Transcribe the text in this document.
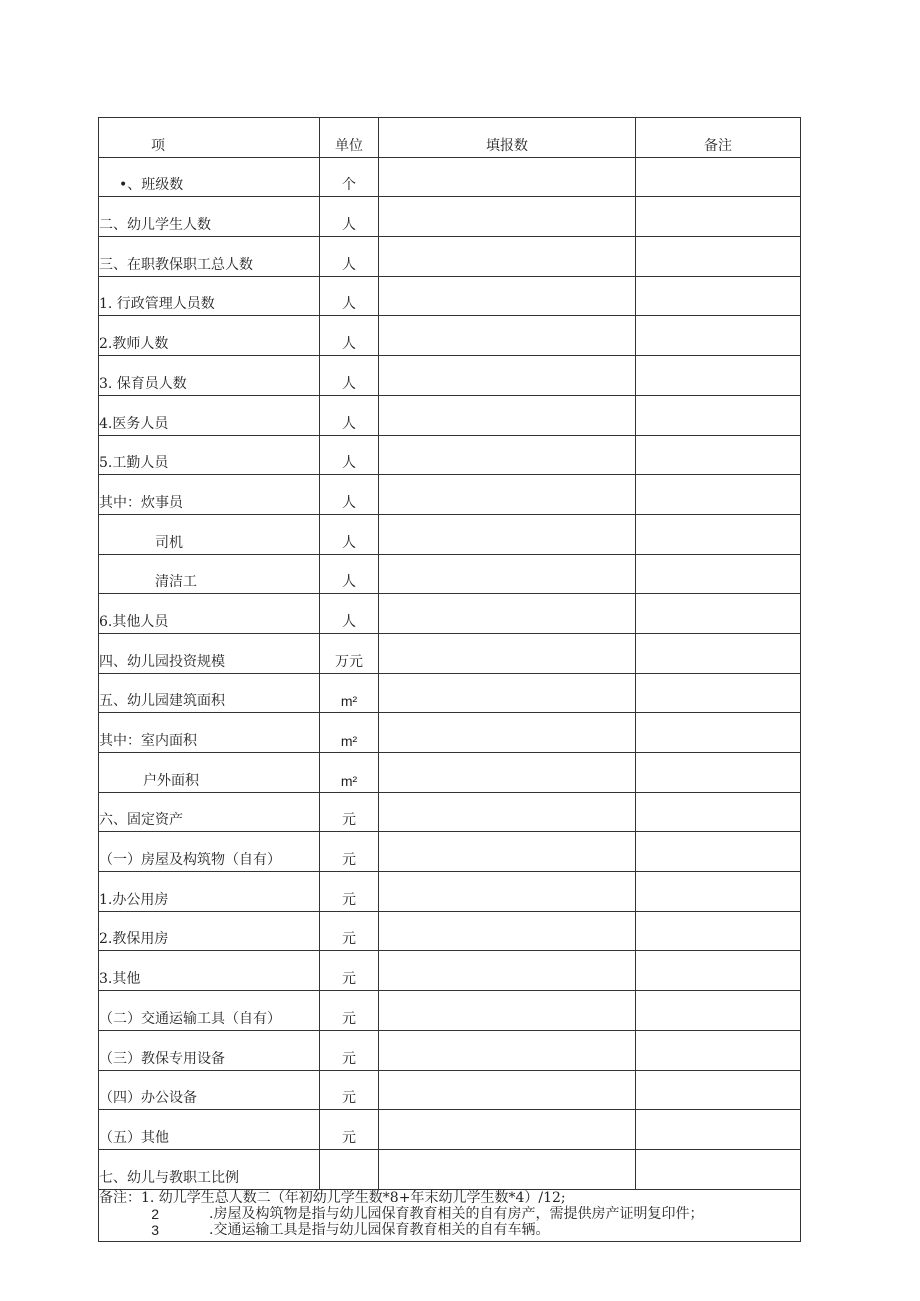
项	单位	填报数	备注
•、班级数	个		
二、幼儿学生人数	人		
三、在职教保职工总人数	人		
1. 行政管理人员数	人		
2.教师人数	人		
3. 保育员人数	人		
4.医务人员	人		
5.工勤人员	人		
其中：炊事员	人		
司机	人		
清洁工	人		
6.其他人员	人		
四、幼儿园投资规模	万元		
五、幼儿园建筑面积	m²		
其中：室内面积	m²		
户外面积	m²		
六、固定资产	元		
（一）房屋及构筑物（自有）	元		
1.办公用房	元		
2.教保用房	元		
3.其他	元		
（二）交通运输工具（自有）	元		
（三）教保专用设备	元		
（四）办公设备	元		
（五）其他	元		
七、幼儿与教职工比例			

备注：1. 幼儿学生总人数二（年初幼儿学生数*8+年末幼儿学生数*4）/12;
2 .房屋及构筑物是指与幼儿园保育教育相关的自有房产，需提供房产证明复印件；
3 .交通运输工具是指与幼儿园保育教育相关的自有车辆。			
